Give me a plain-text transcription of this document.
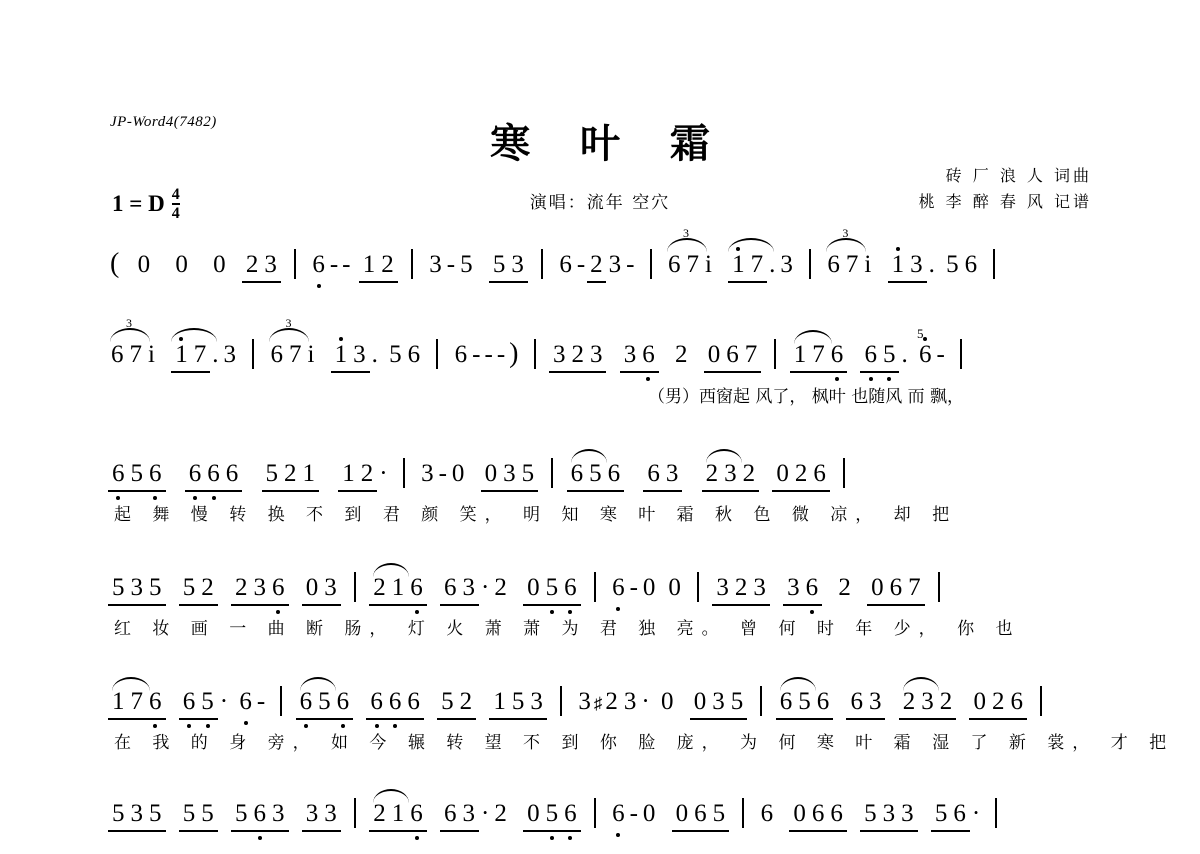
JP-Word4(7482)	寒 叶 霜
演唱：流年 空穴
砖 厂 浪 人 词曲
桃 李 醉 春 风 记谱
1 = D $\frac{4}{4}$
( 0 0 0 2 3 6 - - 1 2 3 - 5 5 3 6 - 2 3 -
3
6 7 i 1 7 . 3
3
6 7 i 1 3 . 5 6
3
6 7 i 1 7 . 3
3
6 7 i 1 3 . 5 6 6 - - - ) 3 2 3 3 6 2 0 6 7 1 7 6 6 5 .
5
6 -
（男）西窗起 风了， 枫叶 也随风 而 飘，
6 5 6 6 6 6 5 2 1 1 2 · 3 - 0 0 3 5 6 5 6 6 3 2 3 2 0 2 6
起 舞 慢 转 换 不 到 君 颜 笑， 明 知 寒 叶 霜 秋 色 微 凉， 却 把
5 3 5 5 2 2 3 6 0 3 2 1 6 6 3 · 2 0 5 6 6 - 0 0 3 2 3 3 6 2 0 6 7
红 妆 画 一 曲 断 肠， 灯 火 萧 萧 为 君 独 亮。 曾 何 时 年 少， 你 也
1 7 6 6 5 · 6 - 6 5 6 6 6 6 5 2 1 5 3 3 ♯ 2 3 · 0 0 3 5 6 5 6 6 3 2 3 2 0 2 6
在 我 的 身 旁， 如 今 辗 转 望 不 到 你 脸 庞， 为 何 寒 叶 霜 湿 了 新 裳， 才 把
5 3 5 5 5 5 6 3 3 3 2 1 6 6 3 · 2 0 5 6 6 - 0 0 6 5 6 0 6 6 5 3 3 5 6 ·
